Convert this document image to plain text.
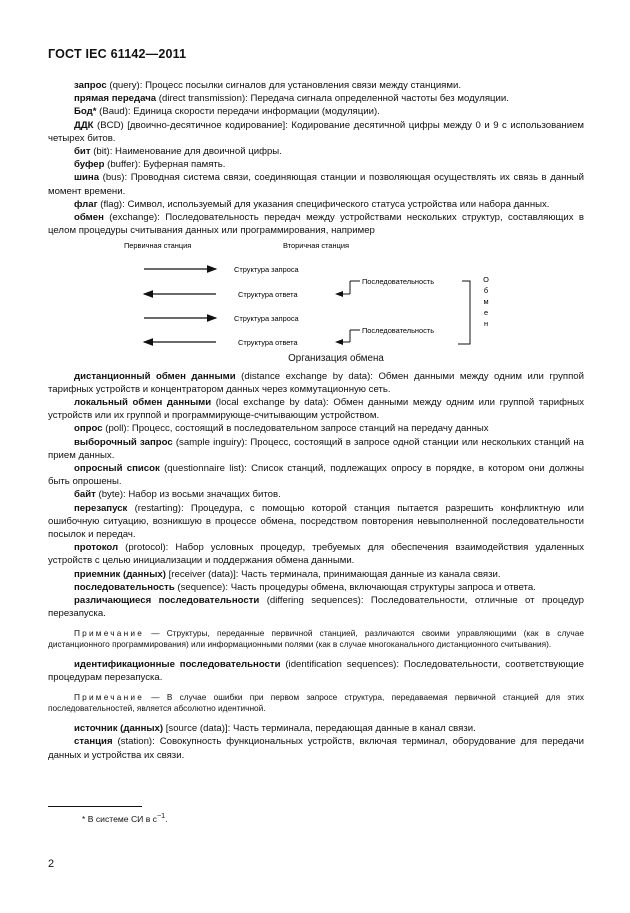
ГОСТ IEC 61142—2011

запрос (query): Процесс посылки сигналов для установления связи между станциями.

прямая передача (direct transmission): Передача сигнала определенной частоты без модуляции.

Бод* (Baud): Единица скорости передачи информации (модуляции).

ДДК (BCD) [двоично-десятичное кодирование]: Кодирование десятичной цифры между 0 и 9 с использованием четырех битов.

бит (bit): Наименование для двоичной цифры.

буфер (buffer): Буферная память.

шина (bus): Проводная система связи, соединяющая станции и позволяющая осуществлять их связь в данный момент времени.

флаг (flag): Символ, используемый для указания специфического статуса устройства или набора данных.

обмен (exchange): Последовательность передач между устройствами нескольких структур, составляющих в целом процедуры считывания данных или программирования, например

Первичная станция	Вторичная станция
Структура запроса
Структура ответа
Структура запроса
Структура ответа
Последовательность
Последовательность
О
б
м
е
н
Организация обмена

дистанционный обмен данными (distance exchange by data): Обмен данными между одним или группой тарифных устройств и концентратором данных через коммутационную сеть.

локальный обмен данными (local exchange by data): Обмен данными между одним или группой тарифных устройств или их группой и программирующе-считывающим устройством.

опрос (poll): Процесс, состоящий в последовательном запросе станций на передачу данных

выборочный запрос (sample inguiry): Процесс, состоящий в запросе одной станции или нескольких станций на прием данных.

опросный список (questionnaire list): Список станций, подлежащих опросу в порядке, в котором они должны быть опрошены.

байт (byte): Набор из восьми значащих битов.

перезапуск (restarting): Процедура, с помощью которой станция пытается разрешить конфликтную или ошибочную ситуацию, возникшую в процессе обмена, посредством повторения невыполненной последовательности посылок и передач.

протокол (protocol): Набор условных процедур, требуемых для обеспечения взаимодействия удаленных устройств с целью инициализации и поддержания обмена данными.

приемник (данных) [receiver (data)]: Часть терминала, принимающая данные из канала связи.

последовательность (sequence): Часть процедуры обмена, включающая структуры запроса и ответа.

различающиеся последовательности (differing sequences): Последовательности, отличные от процедур перезапуска.

Примечание — Структуры, переданные первичной станцией, различаются своими управляющими (как в случае дистанционного программирования) или информационными полями (как в случае многоканального дистанционного считывания).

идентификационные последовательности (identification sequences): Последовательности, соответствующие процедурам перезапуска.

Примечание — В случае ошибки при первом запросе структура, передаваемая первичной станцией для этих последовательностей, является абсолютно идентичной.

источник (данных) [source (data)]: Часть терминала, передающая данные в канал связи.

станция (station): Совокупность функциональных устройств, включая терминал, оборудование для передачи данных и устройства их связи.

* В системе СИ в $с^{-1}$.
2
